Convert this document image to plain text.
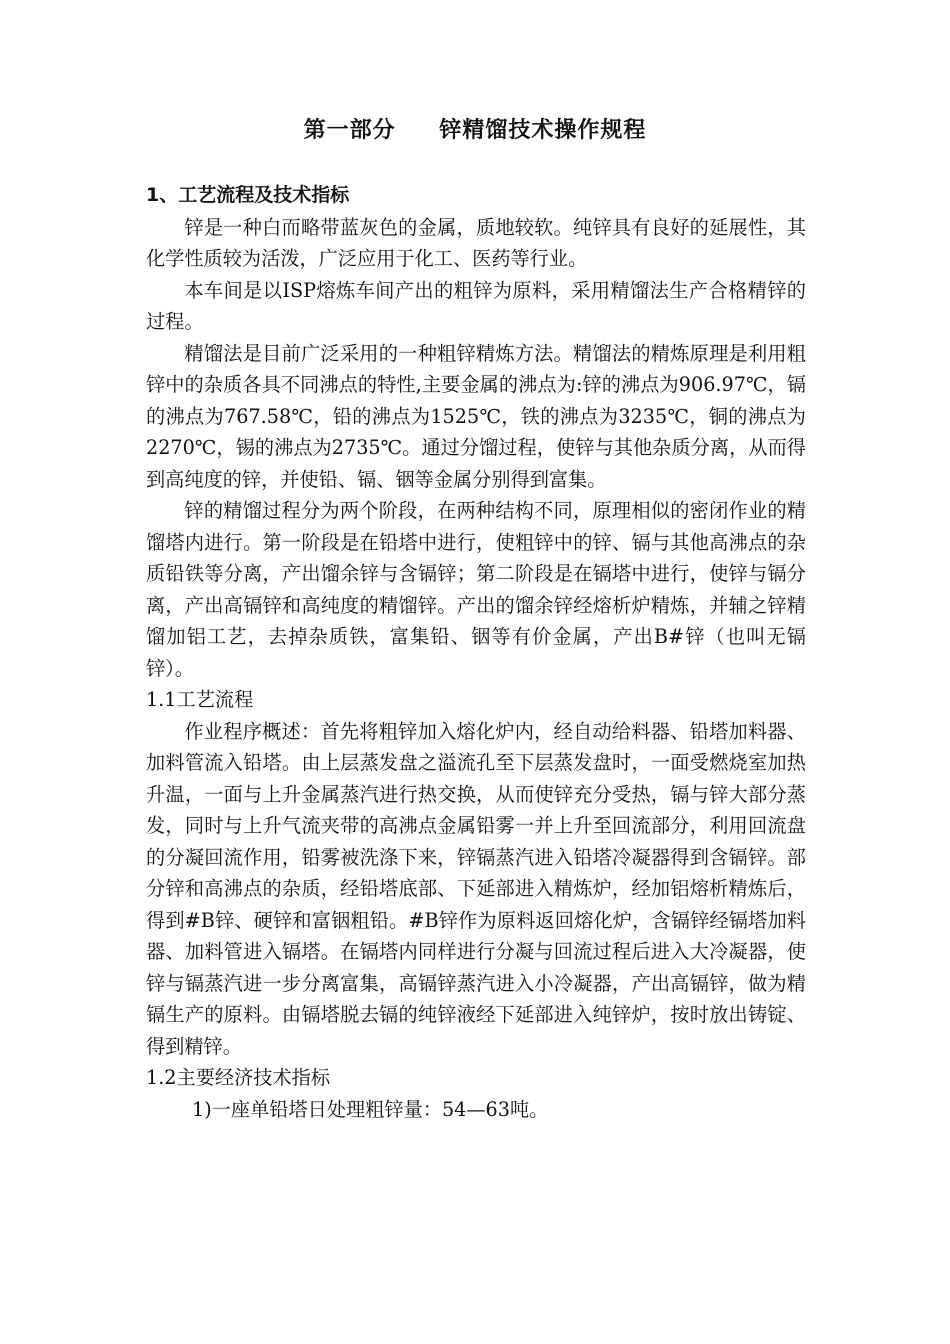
第一部分　 锌精馏技术操作规程
1、工艺流程及技术指标
锌是一种白而略带蓝灰色的金属，质地较软。纯锌具有良好的延展性，其化学性质较为活泼，广泛应用于化工、医药等行业。
本车间是以ISP熔炼车间产出的粗锌为原料，采用精馏法生产合格精锌的过程。
精馏法是目前广泛采用的一种粗锌精炼方法。精馏法的精炼原理是利用粗锌中的杂质各具不同沸点的特性,主要金属的沸点为:锌的沸点为906.97℃，镉的沸点为767.58℃，铅的沸点为1525℃，铁的沸点为3235℃，铜的沸点为2270℃，锡的沸点为2735℃。通过分馏过程，使锌与其他杂质分离，从而得到高纯度的锌，并使铅、镉、铟等金属分别得到富集。
锌的精馏过程分为两个阶段，在两种结构不同，原理相似的密闭作业的精馏塔内进行。第一阶段是在铅塔中进行，使粗锌中的锌、镉与其他高沸点的杂质铅铁等分离，产出馏余锌与含镉锌；第二阶段是在镉塔中进行，使锌与镉分离，产出高镉锌和高纯度的精馏锌。产出的馏余锌经熔析炉精炼，并辅之锌精馏加铝工艺，去掉杂质铁，富集铅、铟等有价金属，产出B#锌（也叫无镉锌）。
1.1工艺流程
作业程序概述：首先将粗锌加入熔化炉内，经自动给料器、铅塔加料器、加料管流入铅塔。由上层蒸发盘之溢流孔至下层蒸发盘时，一面受燃烧室加热升温，一面与上升金属蒸汽进行热交换，从而使锌充分受热，镉与锌大部分蒸发，同时与上升气流夹带的高沸点金属铅雾一并上升至回流部分，利用回流盘的分凝回流作用，铅雾被洗涤下来，锌镉蒸汽进入铅塔冷凝器得到含镉锌。部分锌和高沸点的杂质，经铅塔底部、下延部进入精炼炉，经加铝熔析精炼后，得到#B锌、硬锌和富铟粗铅。#B锌作为原料返回熔化炉，含镉锌经镉塔加料器、加料管进入镉塔。在镉塔内同样进行分凝与回流过程后进入大冷凝器，使锌与镉蒸汽进一步分离富集，高镉锌蒸汽进入小冷凝器，产出高镉锌，做为精镉生产的原料。由镉塔脱去镉的纯锌液经下延部进入纯锌炉，按时放出铸锭、得到精锌。
1.2主要经济技术指标
1)一座单铅塔日处理粗锌量：54—63吨。
